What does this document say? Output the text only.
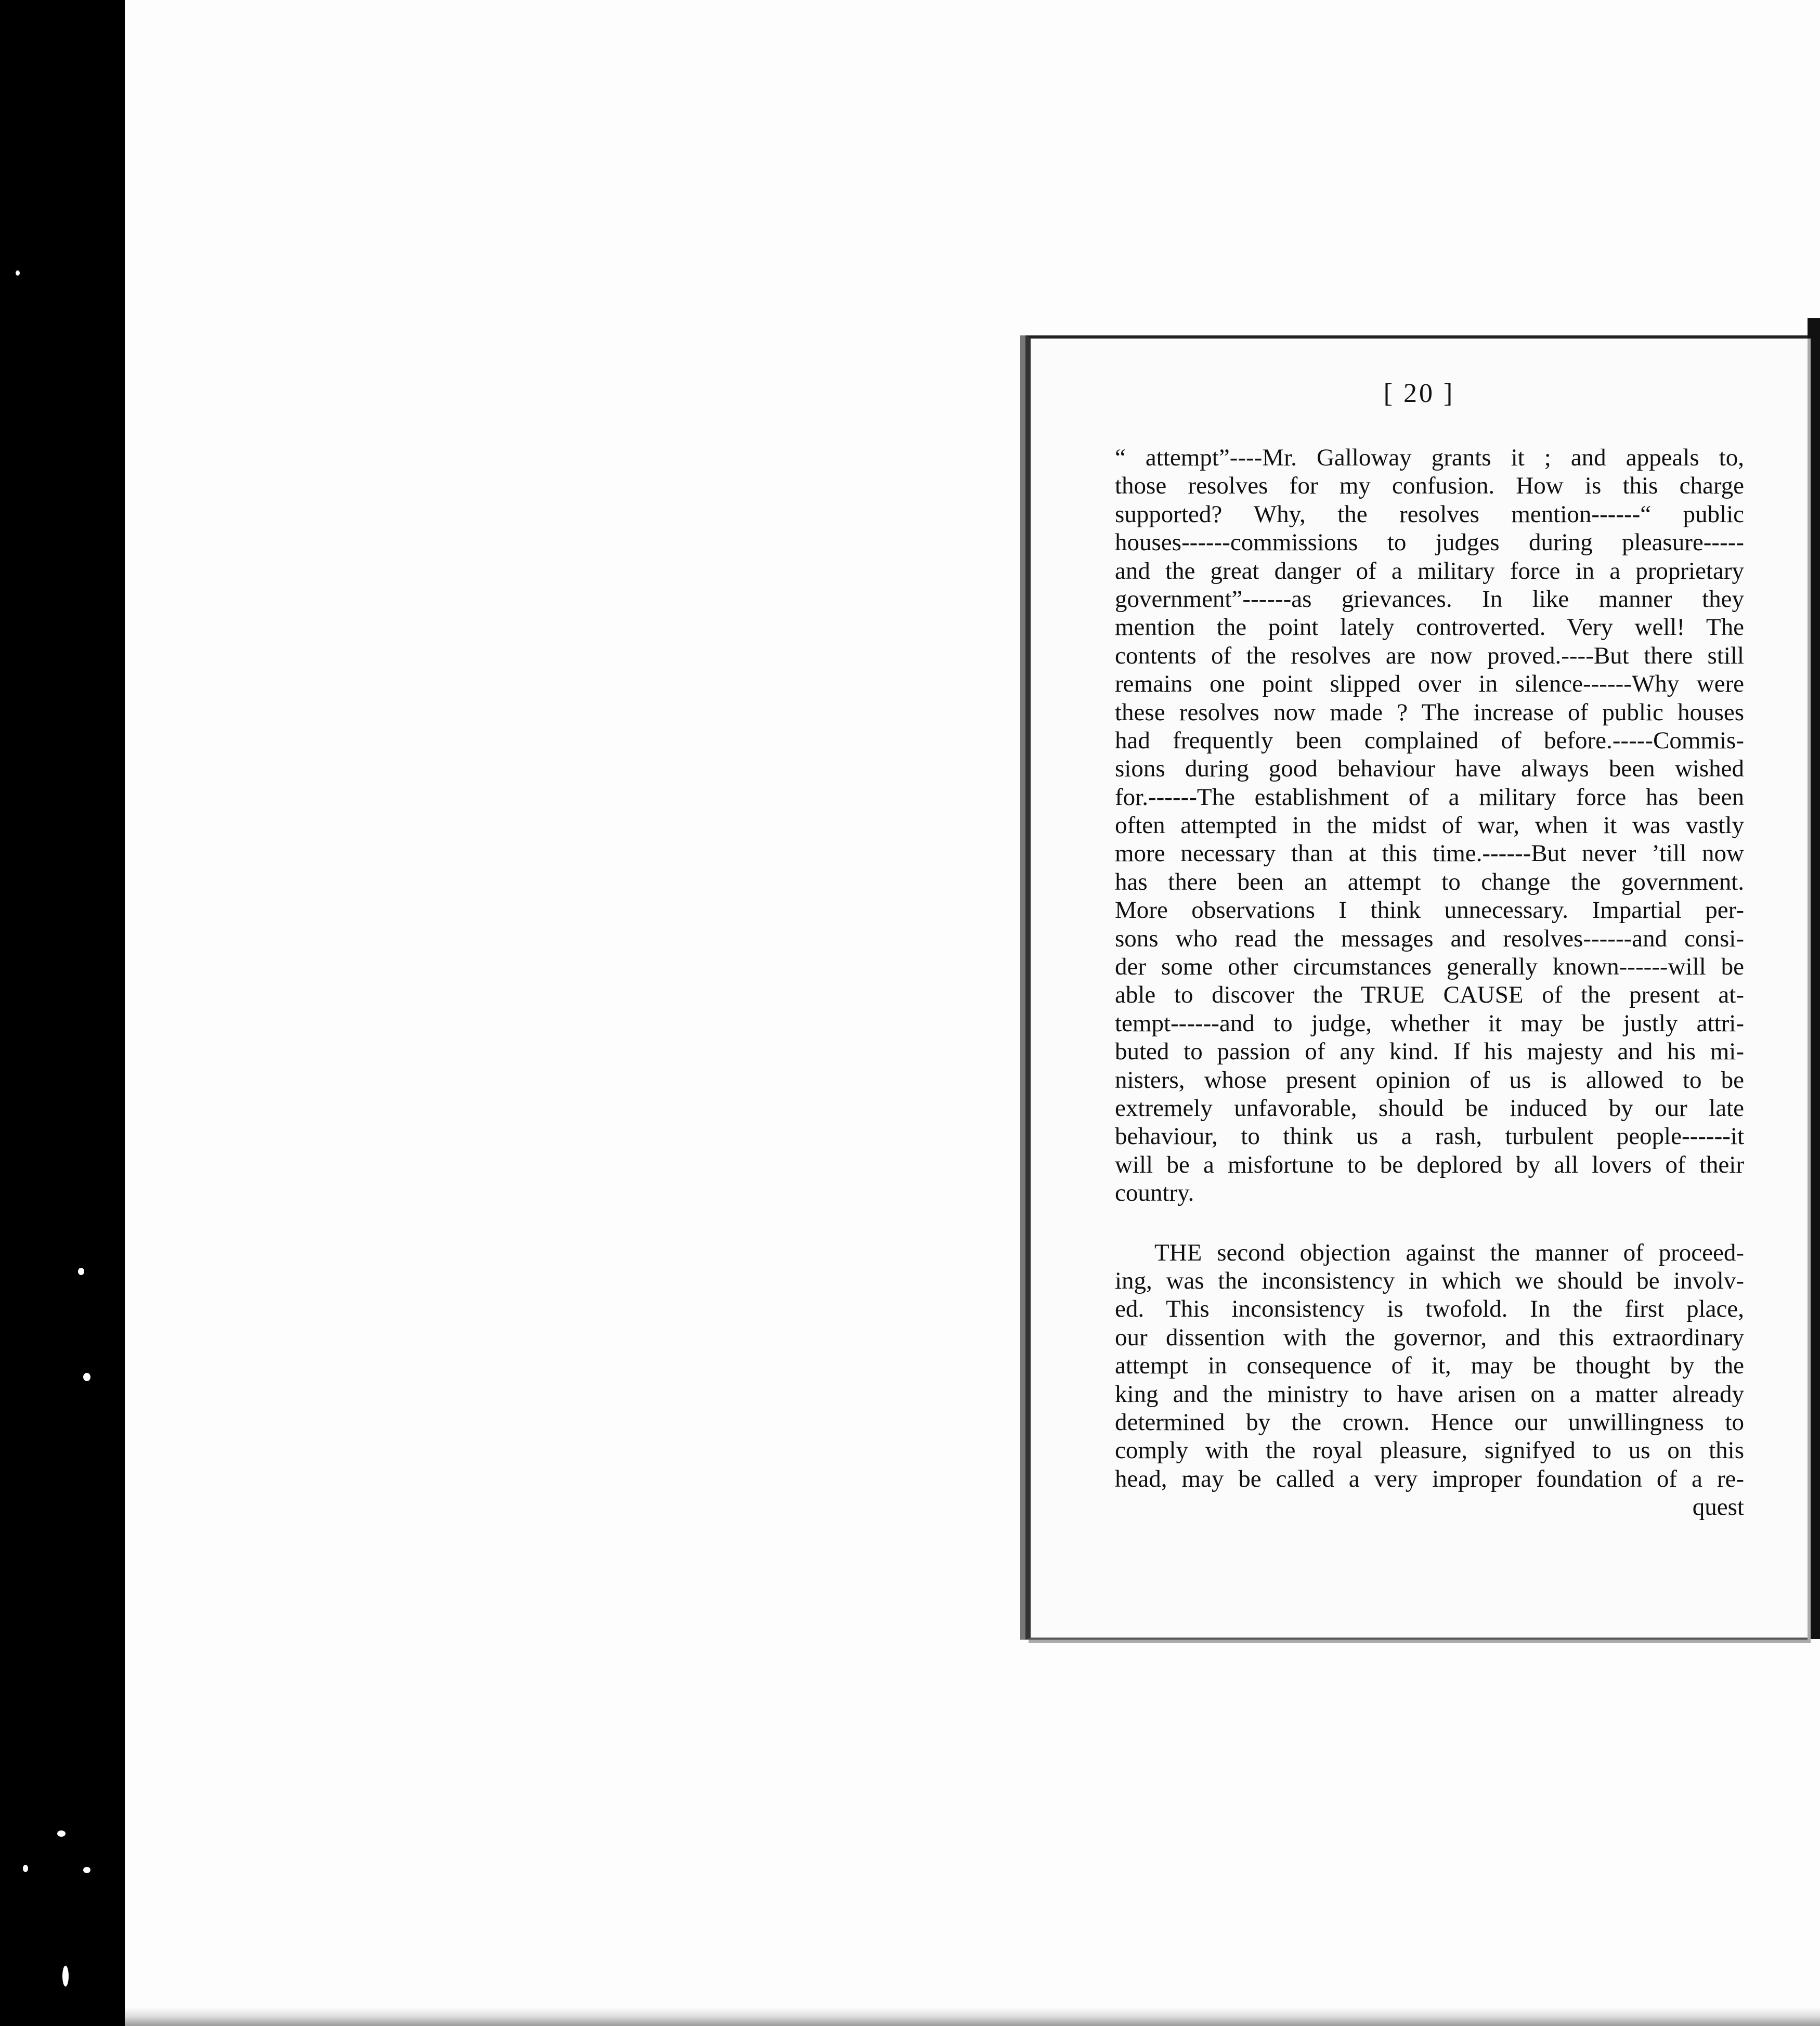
[ 20 ]
“ attempt”----Mr. Galloway grants it ; and appeals to,
those resolves for my confusion. How is this charge
supported? Why, the resolves mention------“ public
houses------commissions to judges during pleasure-----
and the great danger of a military force in a proprietary
government”------as grievances. In like manner they
mention the point lately controverted. Very well! The
contents of the resolves are now proved.----But there still
remains one point slipped over in silence------Why were
these resolves now made ? The increase of public houses
had frequently been complained of before.-----Commis-
sions during good behaviour have always been wished
for.------The establishment of a military force has been
often attempted in the midst of war, when it was vastly
more necessary than at this time.------But never ’till now
has there been an attempt to change the government.
More observations I think unnecessary. Impartial per-
sons who read the messages and resolves------and consi-
der some other circumstances generally known------will be
able to discover the TRUE CAUSE of the present at-
tempt------and to judge, whether it may be justly attri-
buted to passion of any kind. If his majesty and his mi-
nisters, whose present opinion of us is allowed to be
extremely unfavorable, should be induced by our late
behaviour, to think us a rash, turbulent people------it
will be a misfortune to be deplored by all lovers of their
country.
THE second objection against the manner of proceed-
ing, was the inconsistency in which we should be involv-
ed. This inconsistency is twofold. In the first place,
our dissention with the governor, and this extraordinary
attempt in consequence of it, may be thought by the
king and the ministry to have arisen on a matter already
determined by the crown. Hence our unwillingness to
comply with the royal pleasure, signifyed to us on this
head, may be called a very improper foundation of a re-
quest
